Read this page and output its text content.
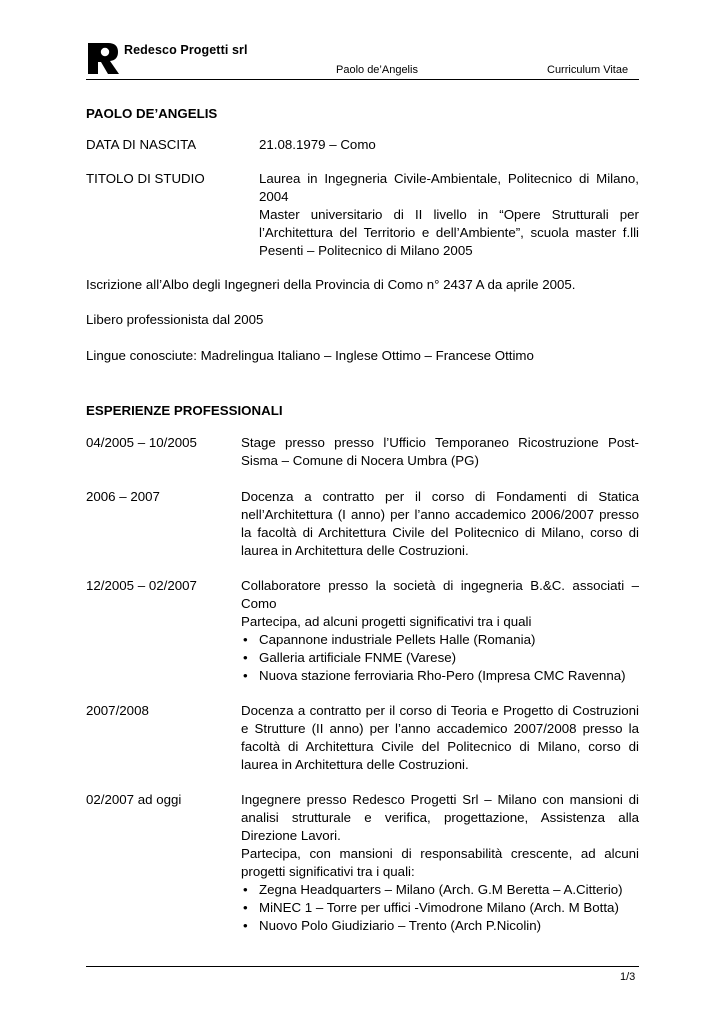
Redesco Progetti srl
Paolo de’Angelis	Curriculum Vitae
PAOLO DE’ANGELIS
DATA DI NASCITA	21.08.1979 – Como
TITOLO DI STUDIO	Laurea in Ingegneria Civile-Ambientale, Politecnico di Milano, 2004

Master universitario di II livello in “Opere Strutturali per l’Architettura del Territorio e dell’Ambiente”, scuola master f.lli Pesenti – Politecnico di Milano 2005

Iscrizione all’Albo degli Ingegneri della Provincia di Como n° 2437 A da aprile 2005.
Libero professionista dal 2005
Lingue conosciute: Madrelingua Italiano – Inglese Ottimo – Francese Ottimo
ESPERIENZE PROFESSIONALI
04/2005 – 10/2005	Stage presso presso l’Ufficio Temporaneo Ricostruzione Post-Sisma – Comune di Nocera Umbra (PG)

2006 – 2007	Docenza a contratto per il corso di Fondamenti di Statica nell’Architettura (I anno) per l’anno accademico 2006/2007 presso la facoltà di Architettura Civile del Politecnico di Milano, corso di laurea in Architettura delle Costruzioni.

12/2005 – 02/2007	Collaboratore presso la società di ingegneria B.&C. associati – Como

Partecipa, ad alcuni progetti significativi tra i quali

• Capannone industriale Pellets Halle (Romania)
• Galleria artificiale FNME (Varese)
• Nuova stazione ferroviaria Rho-Pero (Impresa CMC Ravenna)
2007/2008	Docenza a contratto per il corso di Teoria e Progetto di Costruzioni e Strutture (II anno) per l’anno accademico 2007/2008 presso la facoltà di Architettura Civile del Politecnico di Milano, corso di laurea in Architettura delle Costruzioni.

02/2007 ad oggi	Ingegnere presso Redesco Progetti Srl – Milano con mansioni di analisi strutturale e verifica, progettazione, Assistenza alla Direzione Lavori.

Partecipa, con mansioni di responsabilità crescente, ad alcuni progetti significativi tra i quali:

• Zegna Headquarters – Milano (Arch. G.M Beretta – A.Citterio)
• MiNEC 1 – Torre per uffici -Vimodrone Milano (Arch. M Botta)
• Nuovo Polo Giudiziario – Trento (Arch P.Nicolin)
1/3
